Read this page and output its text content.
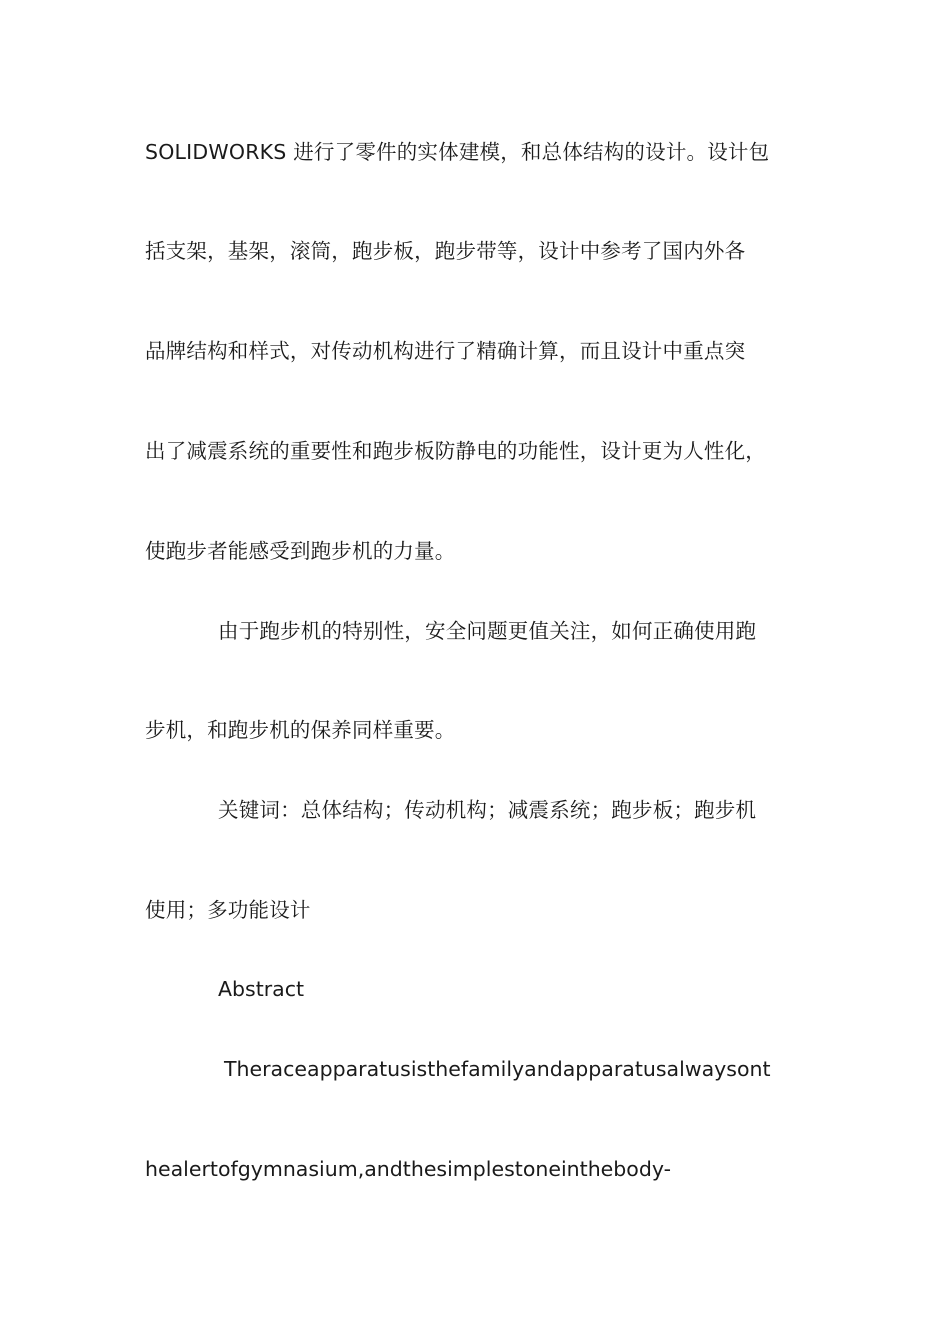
SOLIDWORKS 进行了零件的实体建模，和总体结构的设计。设计包
括支架，基架，滚筒，跑步板，跑步带等，设计中参考了国内外各
品牌结构和样式，对传动机构进行了精确计算，而且设计中重点突
出了减震系统的重要性和跑步板防静电的功能性，设计更为人性化，
使跑步者能感受到跑步机的力量。
由于跑步机的特别性，安全问题更值关注，如何正确使用跑
步机，和跑步机的保养同样重要。
关键词：总体结构；传动机构；减震系统；跑步板；跑步机
使用；多功能设计
Abstract
Theraceapparatusisthefamilyandapparatusalwaysont
healertofgymnasium,andthesimplestoneinthebody-
